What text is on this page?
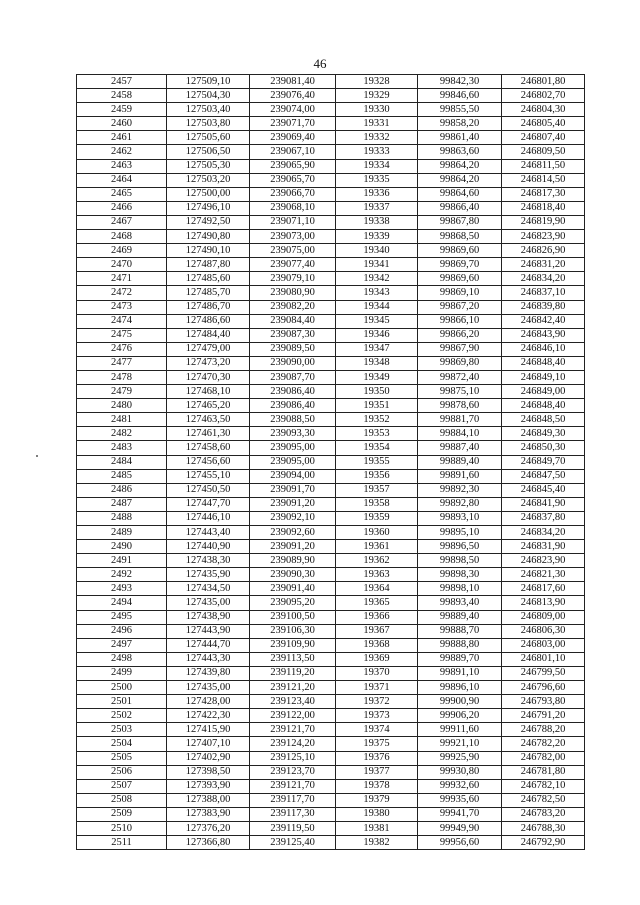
46
2457	127509,10	239081,40	19328	99842,30	246801,80
2458	127504,30	239076,40	19329	99846,60	246802,70
2459	127503,40	239074,00	19330	99855,50	246804,30
2460	127503,80	239071,70	19331	99858,20	246805,40
2461	127505,60	239069,40	19332	99861,40	246807,40
2462	127506,50	239067,10	19333	99863,60	246809,50
2463	127505,30	239065,90	19334	99864,20	246811,50
2464	127503,20	239065,70	19335	99864,20	246814,50
2465	127500,00	239066,70	19336	99864,60	246817,30
2466	127496,10	239068,10	19337	99866,40	246818,40
2467	127492,50	239071,10	19338	99867,80	246819,90
2468	127490,80	239073,00	19339	99868,50	246823,90
2469	127490,10	239075,00	19340	99869,60	246826,90
2470	127487,80	239077,40	19341	99869,70	246831,20
2471	127485,60	239079,10	19342	99869,60	246834,20
2472	127485,70	239080,90	19343	99869,10	246837,10
2473	127486,70	239082,20	19344	99867,20	246839,80
2474	127486,60	239084,40	19345	99866,10	246842,40
2475	127484,40	239087,30	19346	99866,20	246843,90
2476	127479,00	239089,50	19347	99867,90	246846,10
2477	127473,20	239090,00	19348	99869,80	246848,40
2478	127470,30	239087,70	19349	99872,40	246849,10
2479	127468,10	239086,40	19350	99875,10	246849,00
2480	127465,20	239086,40	19351	99878,60	246848,40
2481	127463,50	239088,50	19352	99881,70	246848,50
2482	127461,30	239093,30	19353	99884,10	246849,30
2483	127458,60	239095,00	19354	99887,40	246850,30
2484	127456,60	239095,00	19355	99889,40	246849,70
2485	127455,10	239094,00	19356	99891,60	246847,50
2486	127450,50	239091,70	19357	99892,30	246845,40
2487	127447,70	239091,20	19358	99892,80	246841,90
2488	127446,10	239092,10	19359	99893,10	246837,80
2489	127443,40	239092,60	19360	99895,10	246834,20
2490	127440,90	239091,20	19361	99896,50	246831,90
2491	127438,30	239089,90	19362	99898,50	246823,90
2492	127435,90	239090,30	19363	99898,30	246821,30
2493	127434,50	239091,40	19364	99898,10	246817,60
2494	127435,00	239095,20	19365	99893,40	246813,90
2495	127438,90	239100,50	19366	99889,40	246809,00
2496	127443,90	239106,30	19367	99888,70	246806,30
2497	127444,70	239109,90	19368	99888,80	246803,00
2498	127443,30	239113,50	19369	99889,70	246801,10
2499	127439,80	239119,20	19370	99891,10	246799,50
2500	127435,00	239121,20	19371	99896,10	246796,60
2501	127428,00	239123,40	19372	99900,90	246793,80
2502	127422,30	239122,00	19373	99906,20	246791,20
2503	127415,90	239121,70	19374	99911,60	246788,20
2504	127407,10	239124,20	19375	99921,10	246782,20
2505	127402,90	239125,10	19376	99925,90	246782,00
2506	127398,50	239123,70	19377	99930,80	246781,80
2507	127393,90	239121,70	19378	99932,60	246782,10
2508	127388,00	239117,70	19379	99935,60	246782,50
2509	127383,90	239117,30	19380	99941,70	246783,20
2510	127376,20	239119,50	19381	99949,90	246788,30
2511	127366,80	239125,40	19382	99956,60	246792,90
